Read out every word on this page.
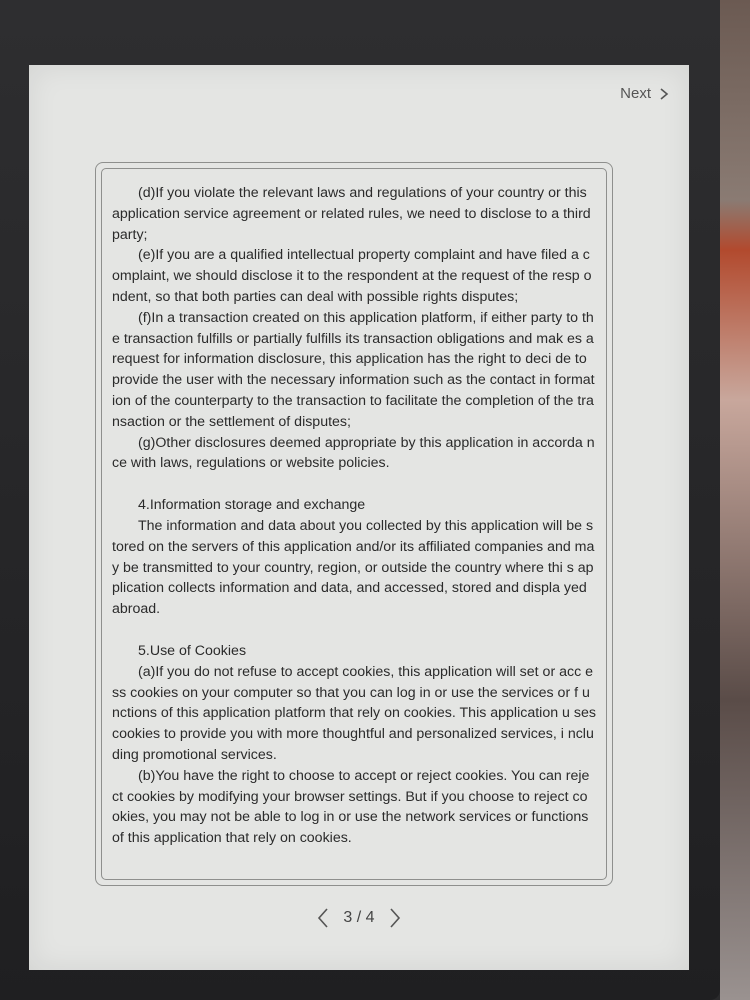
Next

(d)If you violate the relevant laws and regulations of your country or this application service agreement or related rules, we need to disclose to a third party;

(e)If you are a qualified intellectual property complaint and have filed a complaint, we should disclose it to the respondent at the request of the resp ondent, so that both parties can deal with possible rights disputes;

(f)In a transaction created on this application platform, if either party to the transaction fulfills or partially fulfills its transaction obligations and mak es a request for information disclosure, this application has the right to deci de to provide the user with the necessary information such as the contact in formation of the counterparty to the transaction to facilitate the completion of the transaction or the settlement of disputes;

(g)Other disclosures deemed appropriate by this application in accorda nce with laws, regulations or website policies.

4.Information storage and exchange

The information and data about you collected by this application will be stored on the servers of this application and/or its affiliated companies and may be transmitted to your country, region, or outside the country where thi s application collects information and data, and accessed, stored and displa yed abroad.

5.Use of Cookies

(a)If you do not refuse to accept cookies, this application will set or acc ess cookies on your computer so that you can log in or use the services or f unctions of this application platform that rely on cookies. This application u ses cookies to provide you with more thoughtful and personalized services, i ncluding promotional services.

(b)You have the right to choose to accept or reject cookies. You can reje ct cookies by modifying your browser settings. But if you choose to reject co okies, you may not be able to log in or use the network services or functions of this application that rely on cookies.

3 / 4
